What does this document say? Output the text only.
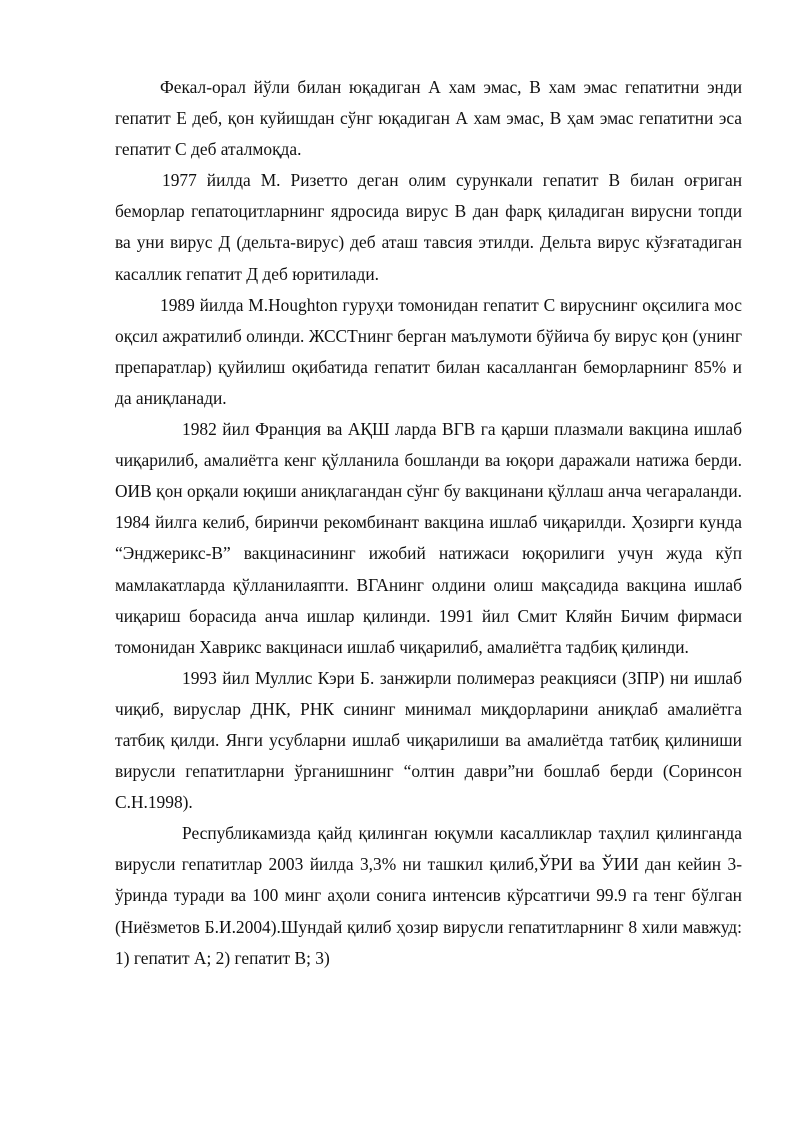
Фекал-орал йўли билан юқадиган А хам эмас, В хам эмас гепатитни энди гепатит Е деб, қон куйишдан сўнг юқадиган А хам эмас, В ҳам эмас гепатитни эса гепатит С деб аталмоқда.

1977 йилда М. Ризетто деган олим сурункали гепатит В билан оғриган беморлар гепатоцитларнинг ядросида вирус В дан фарқ қиладиган вирусни топди ва уни вирус Д (дельта-вирус) деб аташ тавсия этилди. Дельта вирус кўзғатадиган касаллик гепатит Д деб юритилади.

1989 йилда М.Houghton гуруҳи томонидан гепатит С вируснинг оқсилига мос оқсил ажратилиб олинди. ЖССТнинг берган маълумоти бўйича бу вирус қон (унинг препаратлар) қуйилиш оқибатида гепатит билан касалланган беморларнинг 85% и да аниқланади.

1982 йил Франция ва АҚШ ларда ВГВ га қарши плазмали вакцина ишлаб чиқарилиб, амалиётга кенг қўлланила бошланди ва юқори даражали натижа берди. ОИВ қон орқали юқиши аниқлагандан сўнг бу вакцинани қўллаш анча чегараланди. 1984 йилга келиб, биринчи рекомбинант вакцина ишлаб чиқарилди. Ҳозирги кунда “Энджерикс-В” вакцинасининг ижобий натижаси юқорилиги учун жуда кўп мамлакатларда қўлланилаяпти. ВГАнинг олдини олиш мақсадида вакцина ишлаб чиқариш борасида анча ишлар қилинди. 1991 йил Смит Кляйн Бичим фирмаси томонидан Хаврикс вакцинаси ишлаб чиқарилиб, амалиётга тадбиқ қилинди.

1993 йил Муллис Кэри Б. занжирли полимераз реакцияси (ЗПР) ни ишлаб чиқиб, вируслар ДНК, РНК сининг минимал миқдорларини аниқлаб амалиётга татбиқ қилди. Янги усубларни ишлаб чиқарилиши ва амалиётда татбиқ қилиниши вирусли гепатитларни ўрганишнинг “олтин даври”ни бошлаб берди (Соринсон С.Н.1998).

Республикамизда қайд қилинган юқумли касалликлар таҳлил қилинганда вирусли гепатитлар 2003 йилда 3,3% ни ташкил қилиб,ЎРИ ва ЎИИ дан кейин 3-ўринда туради ва 100 минг аҳоли сонига интенсив кўрсатгичи 99.9 га тенг бўлган (Ниёзметов Б.И.2004).Шундай қилиб ҳозир вирусли гепатитларнинг 8 хили мавжуд: 1) гепатит А; 2) гепатит В; 3)
